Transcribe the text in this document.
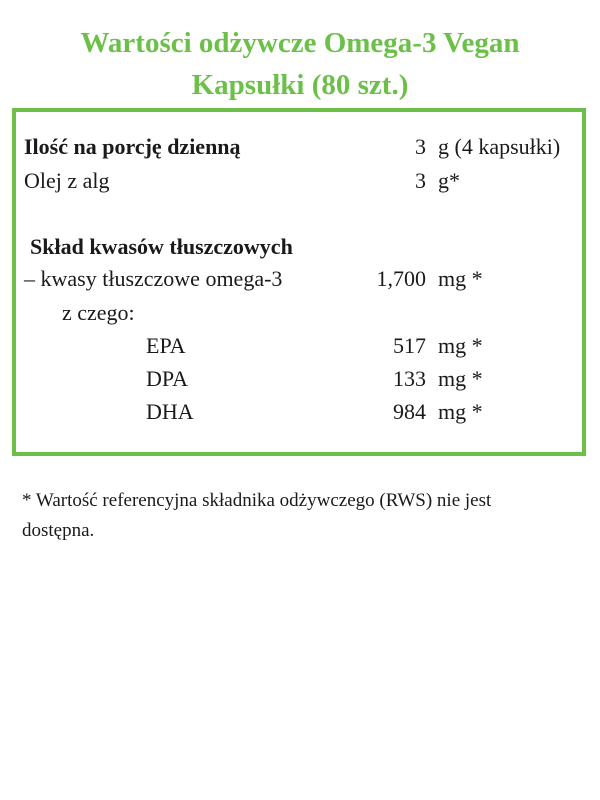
Wartości odżywcze Omega-3 Vegan
Kapsułki (80 szt.)
Ilość na porcję dzienną	3 g (4 kapsułki)
Olej z alg	3 g*
Skład kwasów tłuszczowych
– kwasy tłuszczowe omega-3	1,700 mg *
z czego:
EPA	517 mg *
DPA	133 mg *
DHA	984 mg *
* Wartość referencyjna składnika odżywczego (RWS) nie jest dostępna.
